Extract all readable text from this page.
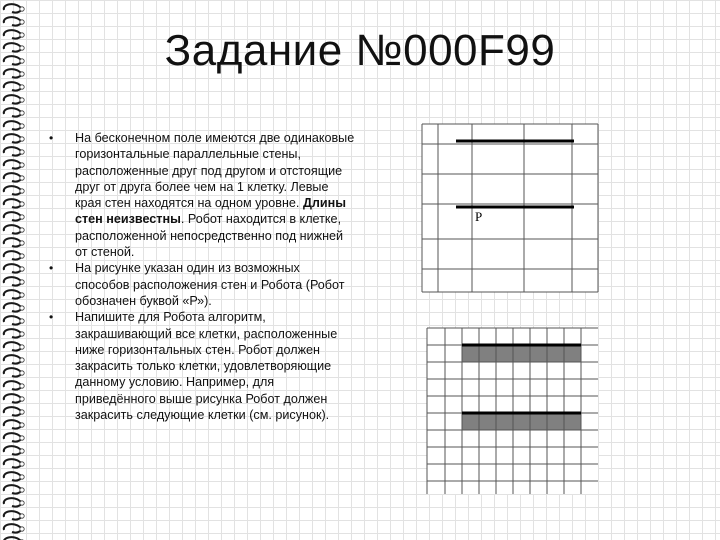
Задание №000F99
• На бесконечном поле имеются две одинаковые горизонтальные параллельные стены, расположенные друг под другом и отстоящие друг от друга более чем на 1 клетку. Левые края стен находятся на одном уровне. Длины стен неизвестны. Робот находится в клетке, расположенной непосредственно под нижней от стеной.
• На рисунке указан один из возможных способов расположения стен и Робота (Робот обозначен буквой «Р»).
• Напишите для Робота алгоритм, закрашивающий все клетки, расположенные ниже горизонтальных стен. Робот должен закрасить только клетки, удовлетворяющие данному условию. Например, для приведённого выше рисунка Робот должен закрасить следующие клетки (см. рисунок).
Р
